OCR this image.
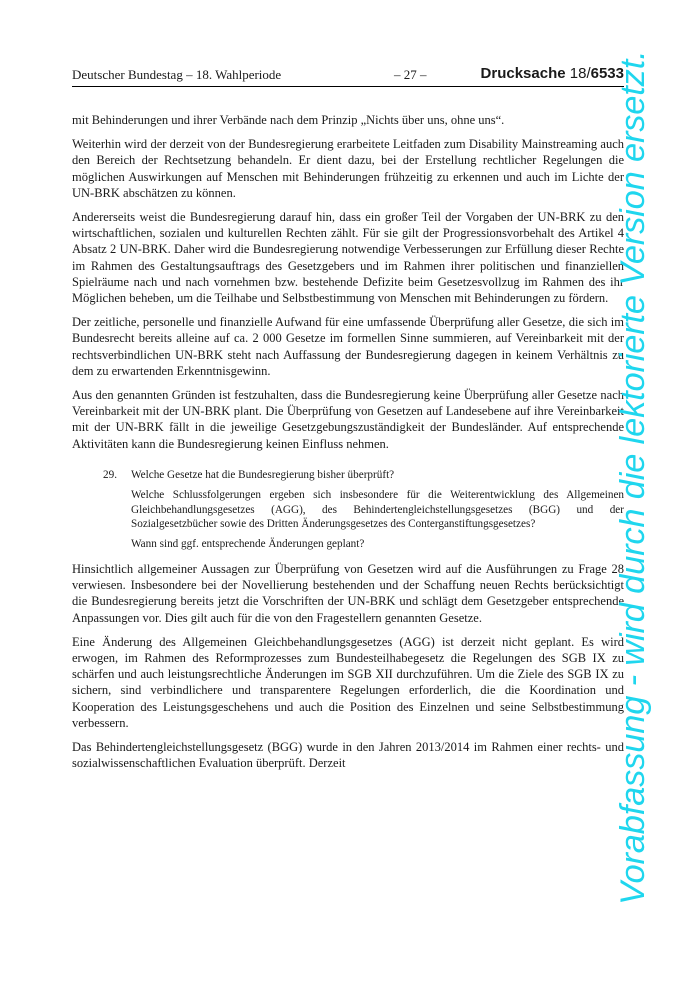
Deutscher Bundestag – 18. Wahlperiode	– 27 –	Drucksache 18/6533

mit Behinderungen und ihrer Verbände nach dem Prinzip „Nichts über uns, ohne uns“.

Weiterhin wird der derzeit von der Bundesregierung erarbeitete Leitfaden zum Disability Mainstreaming auch den Bereich der Rechtsetzung behandeln. Er dient dazu, bei der Erstellung rechtlicher Regelungen die möglichen Auswirkungen auf Menschen mit Behinderungen frühzeitig zu erkennen und auch im Lichte der UN-BRK abschätzen zu können.

Andererseits weist die Bundesregierung darauf hin, dass ein großer Teil der Vorgaben der UN-BRK zu den wirtschaftlichen, sozialen und kulturellen Rechten zählt. Für sie gilt der Progressionsvorbehalt des Artikel 4 Absatz 2 UN-BRK. Daher wird die Bundesregierung notwendige Verbesserungen zur Erfüllung dieser Rechte im Rahmen des Gestaltungsauftrags des Gesetzgebers und im Rahmen ihrer politischen und finanziellen Spielräume nach und nach vornehmen bzw. bestehende Defizite beim Gesetzesvollzug im Rahmen des ihr Möglichen beheben, um die Teilhabe und Selbstbestimmung von Menschen mit Behinderungen zu fördern.

Der zeitliche, personelle und finanzielle Aufwand für eine umfassende Überprüfung aller Gesetze, die sich im Bundesrecht bereits alleine auf ca. 2 000 Gesetze im formellen Sinne summieren, auf Vereinbarkeit mit der rechtsverbindlichen UN-BRK steht nach Auffassung der Bundesregierung dagegen in keinem Verhältnis zu dem zu erwartenden Erkenntnisgewinn.

Aus den genannten Gründen ist festzuhalten, dass die Bundesregierung keine Überprüfung aller Gesetze nach Vereinbarkeit mit der UN-BRK plant. Die Überprüfung von Gesetzen auf Landesebene auf ihre Vereinbarkeit mit der UN-BRK fällt in die jeweilige Gesetzgebungszuständigkeit der Bundesländer. Auf entsprechende Aktivitäten kann die Bundesregierung keinen Einfluss nehmen.

29. Welche Gesetze hat die Bundesregierung bisher überprüft?

Welche Schlussfolgerungen ergeben sich insbesondere für die Weiterentwicklung des Allgemeinen Gleichbehandlungsgesetzes (AGG), des Behindertengleichstellungsgesetzes (BGG) und der Sozialgesetzbücher sowie des Dritten Änderungsgesetzes des Conterganstiftungsgesetzes?

Wann sind ggf. entsprechende Änderungen geplant?

Hinsichtlich allgemeiner Aussagen zur Überprüfung von Gesetzen wird auf die Ausführungen zu Frage 28 verwiesen. Insbesondere bei der Novellierung bestehenden und der Schaffung neuen Rechts berücksichtigt die Bundesregierung bereits jetzt die Vorschriften der UN-BRK und schlägt dem Gesetzgeber entsprechende Anpassungen vor. Dies gilt auch für die von den Fragestellern genannten Gesetze.

Eine Änderung des Allgemeinen Gleichbehandlungsgesetzes (AGG) ist derzeit nicht geplant. Es wird erwogen, im Rahmen des Reformprozesses zum Bundesteilhabegesetz die Regelungen des SGB IX zu schärfen und auch leistungsrechtliche Änderungen im SGB XII durchzuführen. Um die Ziele des SGB IX zu sichern, sind verbindlichere und transparentere Regelungen erforderlich, die die Koordination und Kooperation des Leistungsgeschehens und auch die Position des Einzelnen und seine Selbstbestimmung verbessern.

Das Behindertengleichstellungsgesetz (BGG) wurde in den Jahren 2013/2014 im Rahmen einer rechts- und sozialwissenschaftlichen Evaluation überprüft. Derzeit	Vorabfassung - wird durch die lektorierte Version ersetzt.
